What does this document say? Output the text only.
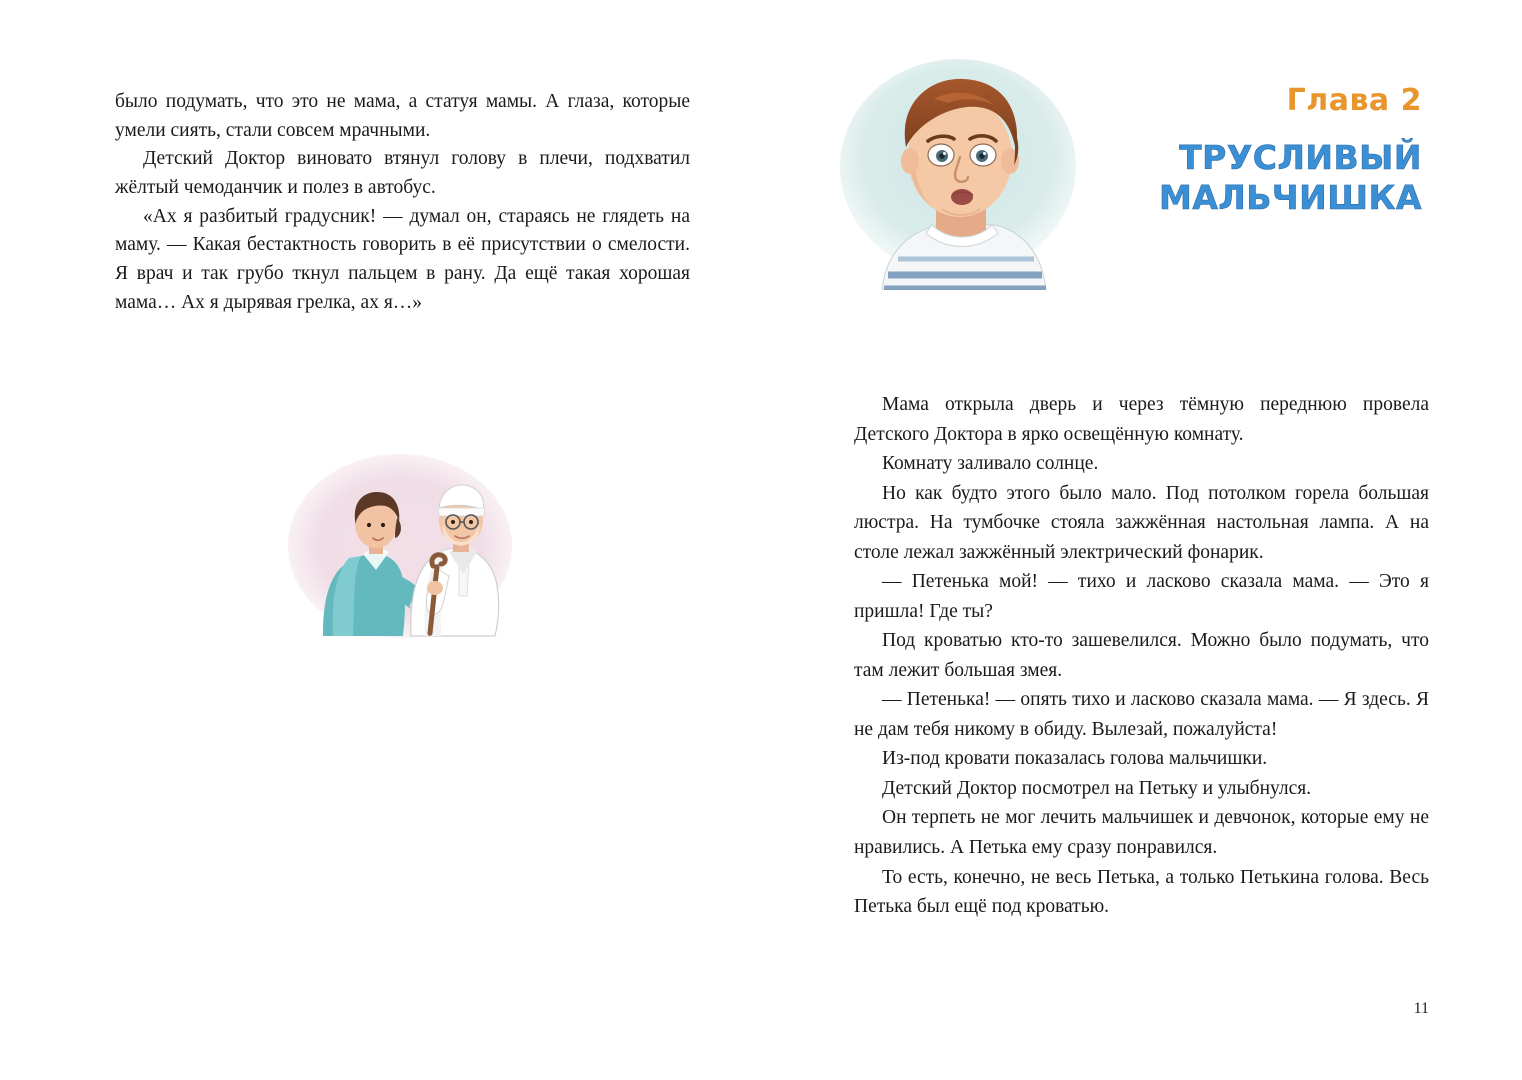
было подумать, что это не мама, а статуя мамы. А глаза, которые умели сиять, стали совсем мрачными.

Детский Доктор виновато втянул голову в плечи, подхватил жёлтый чемоданчик и полез в автобус.

«Ах я разбитый градусник! — думал он, стараясь не глядеть на маму. — Какая бестактность говорить в её присутствии о смелости. Я врач и так грубо ткнул пальцем в рану. Да ещё такая хорошая мама… Ах я дырявая грелка, ах я…»

Глава 2
ТРУСЛИВЫЙ МАЛЬЧИШКА

Мама открыла дверь и через тёмную переднюю провела Детского Доктора в ярко освещённую комнату.

Комнату заливало солнце.

Но как будто этого было мало. Под потолком горела большая люстра. На тумбочке стояла зажжённая настольная лампа. А на столе лежал зажжённый электрический фонарик.

— Петенька мой! — тихо и ласково сказала мама. — Это я пришла! Где ты?

Под кроватью кто-то зашевелился. Можно было подумать, что там лежит большая змея.

— Петенька! — опять тихо и ласково сказала мама. — Я здесь. Я не дам тебя никому в обиду. Вылезай, пожалуйста!

Из-под кровати показалась голова мальчишки.

Детский Доктор посмотрел на Петьку и улыбнулся.

Он терпеть не мог лечить мальчишек и девчонок, которые ему не нравились. А Петька ему сразу понравился.

То есть, конечно, не весь Петька, а только Петькина голова. Весь Петька был ещё под кроватью.

11
